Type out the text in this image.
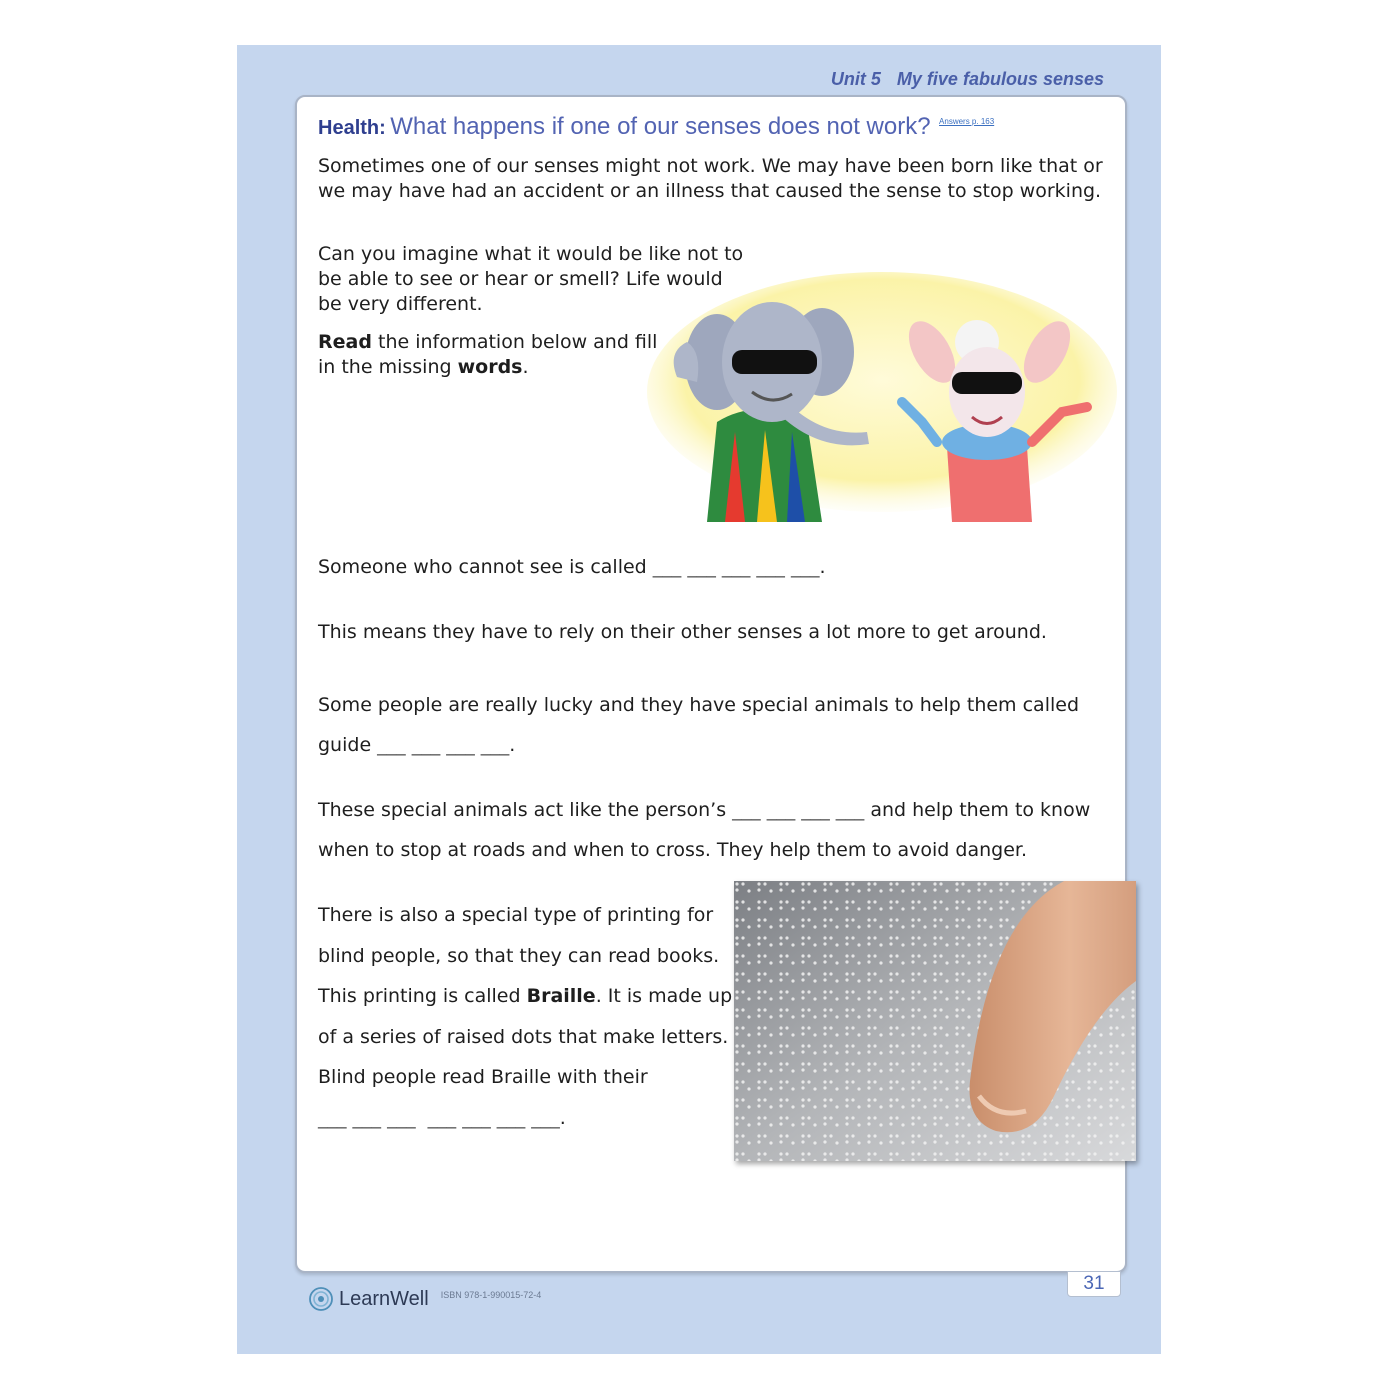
Unit 5 My five fabulous senses
Health: What happens if one of our senses does not work? $^{Answers p. 163}$
Sometimes one of our senses might not work. We may have been born like that or we may have had an accident or an illness that caused the sense to stop working.
Can you imagine what it would be like not to be able to see or hear or smell? Life would be very different.
Read the information below and fill in the missing words.
Someone who cannot see is called ___ ___ ___ ___ ___.
This means they have to rely on their other senses a lot more to get around.
Some people are really lucky and they have special animals to help them called guide ___ ___ ___ ___.
These special animals act like the person’s ___ ___ ___ ___ and help them to know when to stop at roads and when to cross. They help them to avoid danger.
There is also a special type of printing for blind people, so that they can read books. This printing is called Braille. It is made up of a series of raised dots that make letters. Blind people read Braille with their ___ ___ ___  ___ ___ ___ ___.
31
LearnWell ISBN 978-1-990015-72-4
